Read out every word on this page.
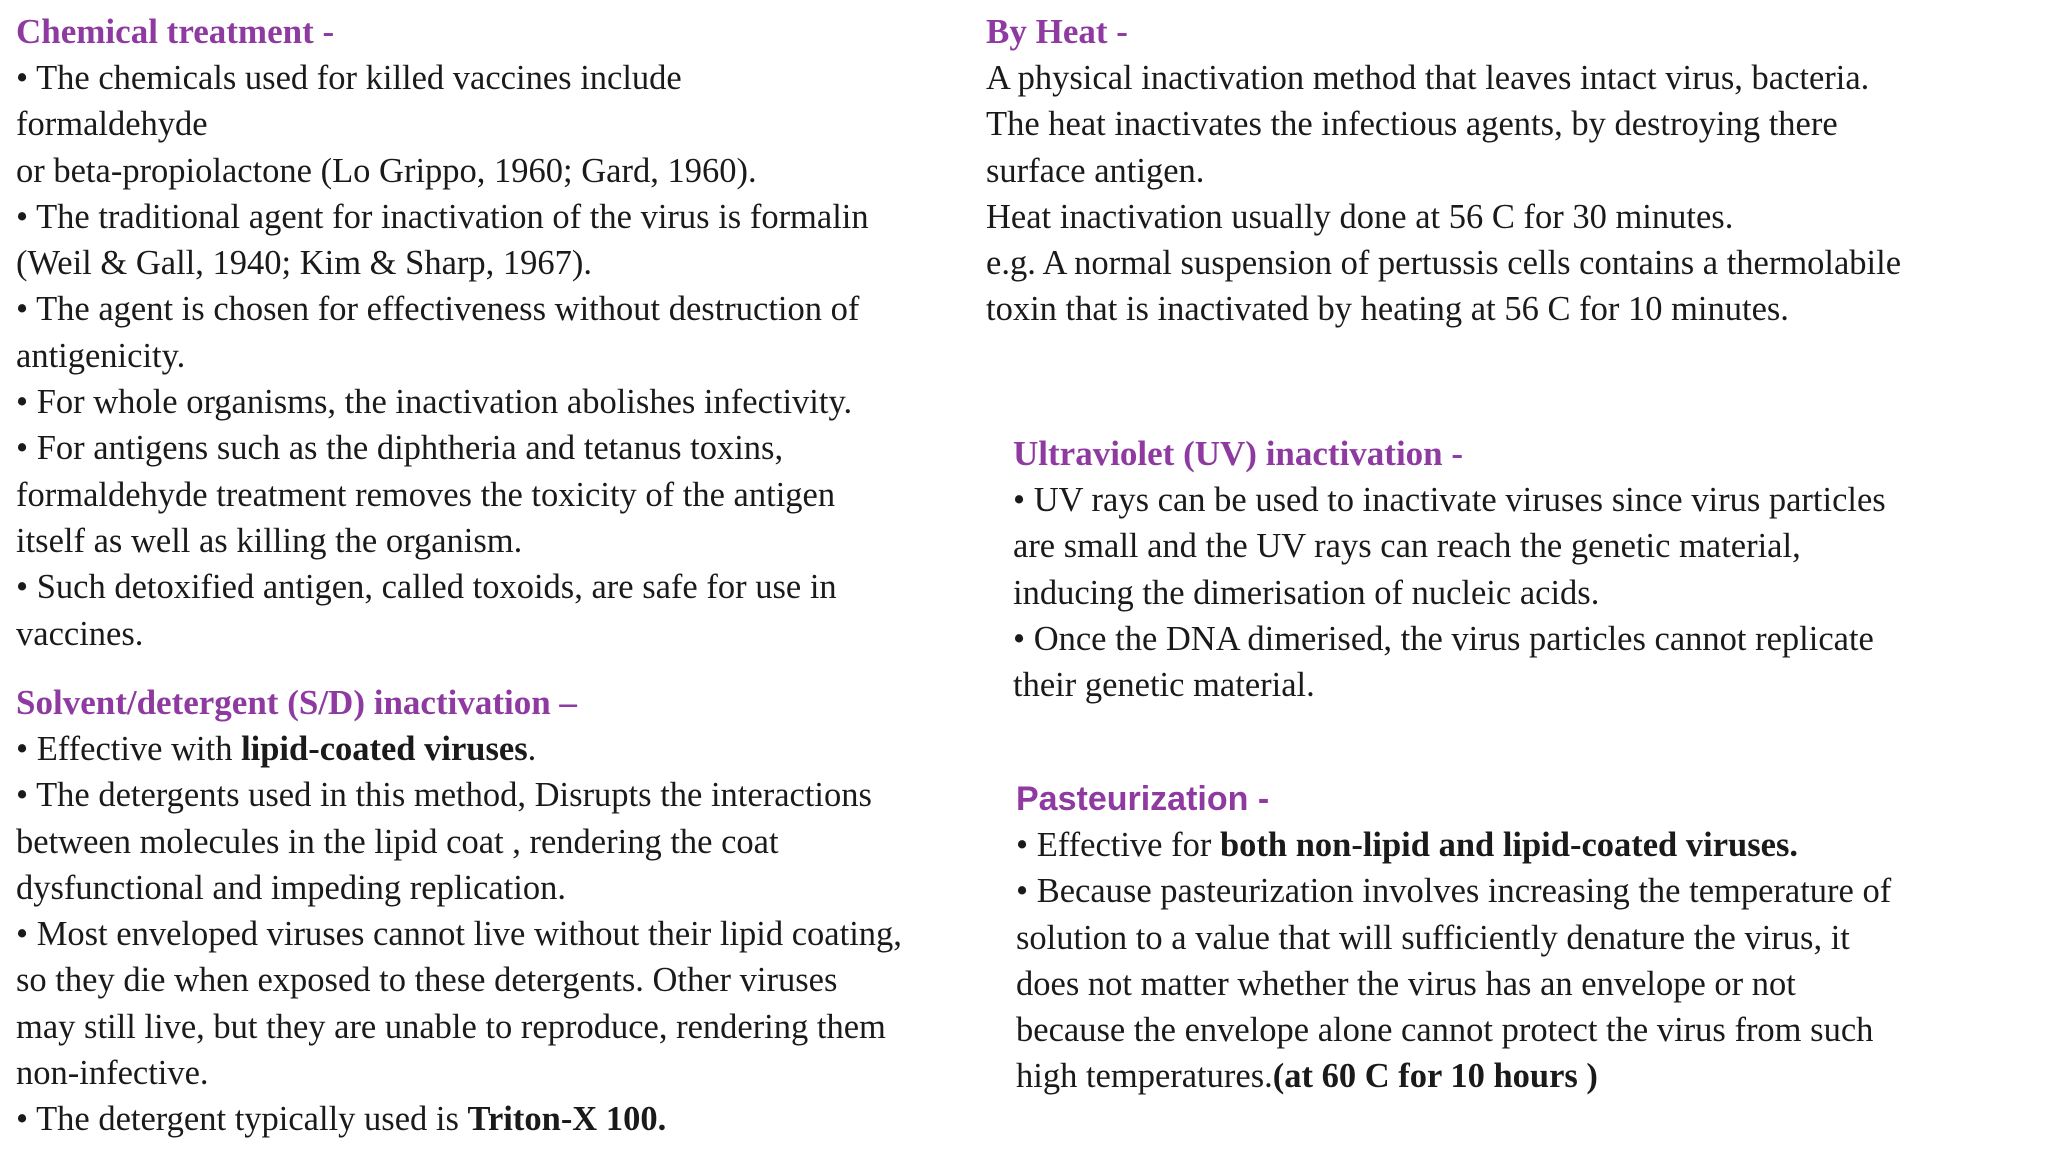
Chemical treatment -
• The chemicals used for killed vaccines include
formaldehyde
or beta-propiolactone (Lo Grippo, 1960; Gard, 1960).
• The traditional agent for inactivation of the virus is formalin
(Weil & Gall, 1940; Kim & Sharp, 1967).
• The agent is chosen for effectiveness without destruction of
antigenicity.
• For whole organisms, the inactivation abolishes infectivity.
• For antigens such as the diphtheria and tetanus toxins,
formaldehyde treatment removes the toxicity of the antigen
itself as well as killing the organism.
• Such detoxified antigen, called toxoids, are safe for use in
vaccines.
Solvent/detergent (S/D) inactivation –
• Effective with lipid-coated viruses.
• The detergents used in this method, Disrupts the interactions
between molecules in the lipid coat , rendering the coat
dysfunctional and impeding replication.
• Most enveloped viruses cannot live without their lipid coating,
so they die when exposed to these detergents. Other viruses
may still live, but they are unable to reproduce, rendering them
non-infective.
• The detergent typically used is Triton-X 100.
By Heat -
A physical inactivation method that leaves intact virus, bacteria.
The heat inactivates the infectious agents, by destroying there
surface antigen.
Heat inactivation usually done at 56 C for 30 minutes.
e.g. A normal suspension of pertussis cells contains a thermolabile
toxin that is inactivated by heating at 56 C for 10 minutes.
Ultraviolet (UV) inactivation -
• UV rays can be used to inactivate viruses since virus particles
are small and the UV rays can reach the genetic material,
inducing the dimerisation of nucleic acids.
• Once the DNA dimerised, the virus particles cannot replicate
their genetic material.
Pasteurization -
• Effective for both non-lipid and lipid-coated viruses.
• Because pasteurization involves increasing the temperature of
solution to a value that will sufficiently denature the virus, it
does not matter whether the virus has an envelope or not
because the envelope alone cannot protect the virus from such
high temperatures.(at 60 C for 10 hours )
